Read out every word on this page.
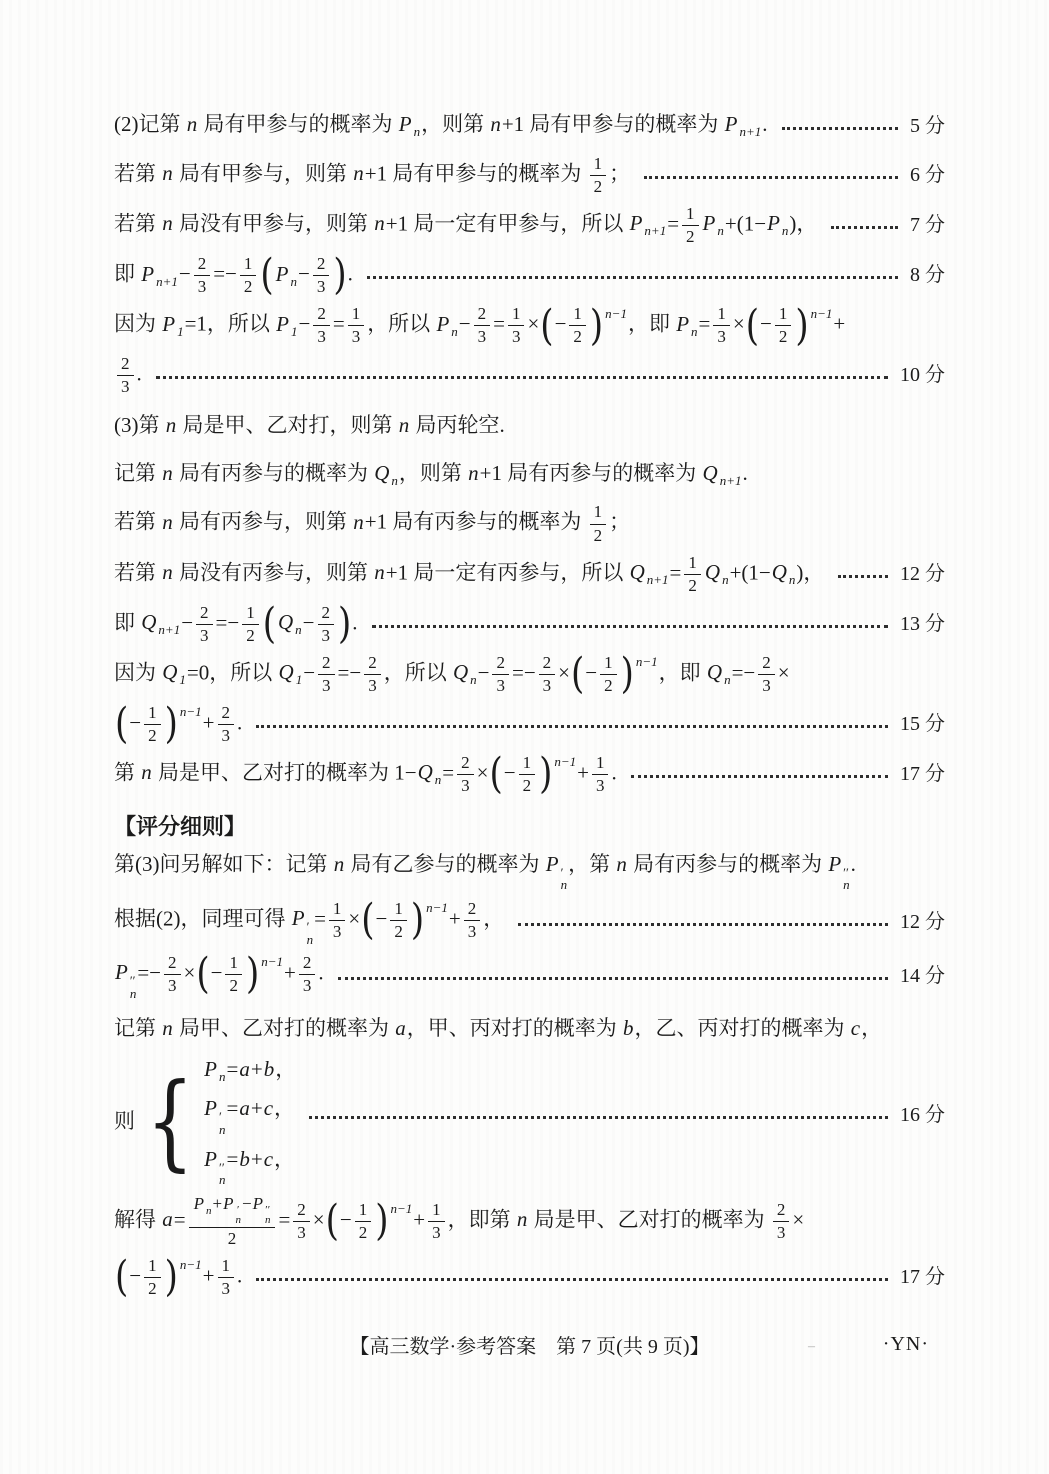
(2)记第 n 局有甲参与的概率为 P $_n$，则第 n+1 局有甲参与的概率为 P $_{n+1}$.	5 分
若第 n 局有甲参与，则第 n+1 局有甲参与的概率为 $\frac{1}{2}$ ；	6 分
若第 n 局没有甲参与，则第 n+1 局一定有甲参与，所以 P $_{n+1}= \frac{1}{2}$ P $_n$+(1−P $_n$)，	7 分
即 P $_{n+1}- \frac{2}{3} =- \frac{1}{2} (P$ $_n- \frac{2}{3}$ ).	8 分
因为 P $_1$=1，所以 P $_1- \frac{2}{3} = \frac{1}{3}$ ，所以 P $_n- \frac{2}{3} = \frac{1}{3}$ ×(− $\frac{1}{2}$ ) n−1，即 P $_n= \frac{1}{3}$ ×(− $\frac{1}{2}$ ) n−1+
$\frac{2}{3}$ .	10 分
(3)第 n 局是甲、乙对打，则第 n 局丙轮空.
记第 n 局有丙参与的概率为 Q $_n$，则第 n+1 局有丙参与的概率为 Q $_{n+1}$.
若第 n 局有丙参与，则第 n+1 局有丙参与的概率为 $\frac{1}{2}$ ；
若第 n 局没有丙参与，则第 n+1 局一定有丙参与，所以 Q $_{n+1}= \frac{1}{2}$ Q $_n$+(1−Q $_n$)，	12 分
即 Q $_{n+1}- \frac{2}{3} =- \frac{1}{2} (Q$ $_n- \frac{2}{3}$ ).	13 分
因为 Q $_1$=0，所以 Q $_1- \frac{2}{3} =- \frac{2}{3}$ ，所以 Q $_n- \frac{2}{3} =- \frac{2}{3}$ ×(− $\frac{1}{2}$ ) n−1，即 Q $_n=- \frac{2}{3}$ ×
(− $\frac{1}{2}$ ) $n-1+ \frac{2}{3}$ .	15 分
第 n 局是甲、乙对打的概率为 1−Q $_n= \frac{2}{3}$ ×(− $\frac{1}{2}$ ) $n-1+ \frac{1}{3}$ .	17 分
【评分细则】
第(3)问另解如下：记第 n 局有乙参与的概率为 P ′
n
，第 n 局有丙参与的概率为 P ′′
n
.
根据(2)，同理可得 P ′
n
= $\frac{1}{3}$ ×(− $\frac{1}{2}$ ) $n-1+ \frac{2}{3}$ ，	12 分
P ′′
n
=− $\frac{2}{3}$ ×(− $\frac{1}{2}$ ) $n-1+ \frac{2}{3}$ .	14 分
记第 n 局甲、乙对打的概率为 a，甲、丙对打的概率为 b，乙、丙对打的概率为 c，
则 { P $_n$=a+b，
P ′
n
=a+c，	16 分
P ′′
n
=b+c，
解得 a= P $_n$+P ′
n
−P ′′
n
$2 = \frac{2}{3}$ ×(− $\frac{1}{2}$ ) $n-1+ \frac{1}{3}$ ，即第 n 局是甲、乙对打的概率为 $\frac{2}{3}$ ×
(− $\frac{1}{2}$ ) $n-1+ \frac{1}{3}$ .	17 分
–
【高三数学·参考答案　第 7 页(共 9 页)】	·YN·
